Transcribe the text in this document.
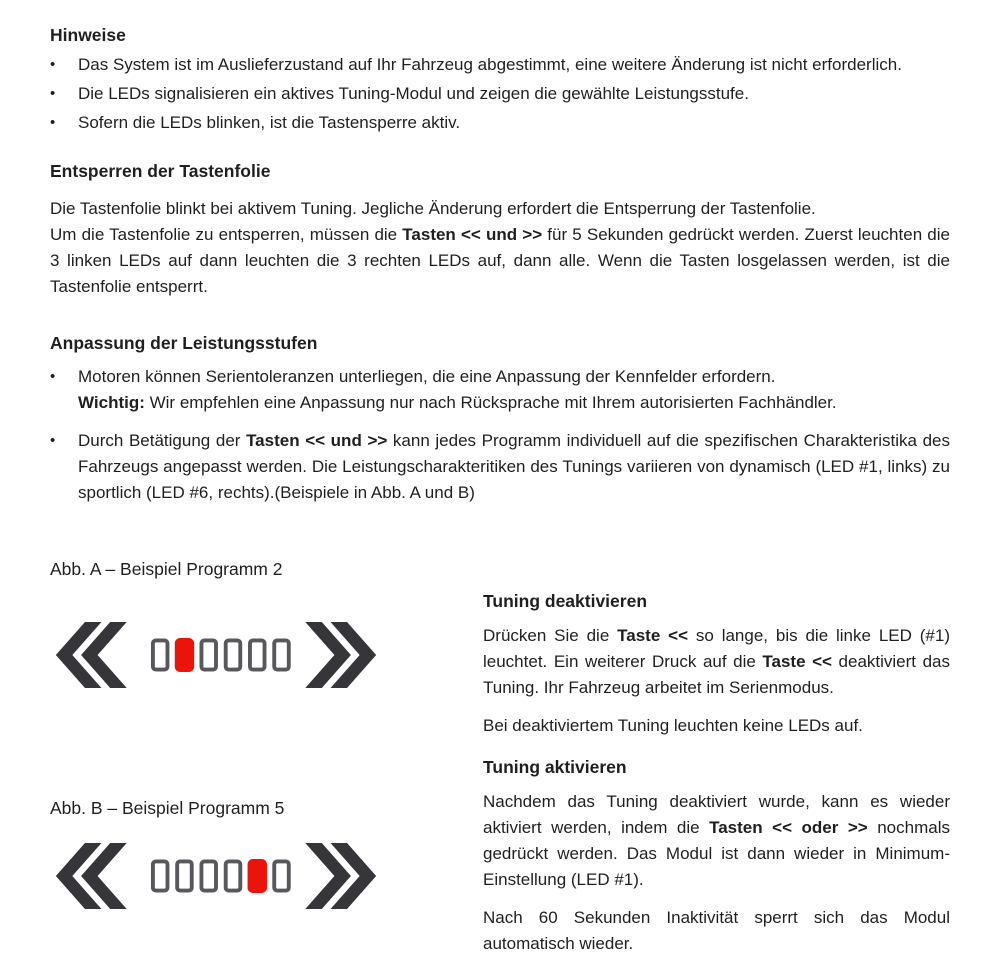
Hinweise

•	Das System ist im Auslieferzustand auf Ihr Fahrzeug abgestimmt, eine weitere Änderung ist nicht erforderlich.
•	Die LEDs signalisieren ein aktives Tuning-Modul und zeigen die gewählte Leistungsstufe.
•	Sofern die LEDs blinken, ist die Tastensperre aktiv.

Entsperren der Tastenfolie

Die Tastenfolie blinkt bei aktivem Tuning. Jegliche Änderung erfordert die Entsperrung der Tastenfolie.

Um die Tastenfolie zu entsperren, müssen die Tasten << und >> für 5 Sekunden gedrückt werden. Zuerst leuchten die 3 linken LEDs auf dann leuchten die 3 rechten LEDs auf, dann alle. Wenn die Tasten losgelassen werden, ist die Tastenfolie entsperrt.

Anpassung der Leistungsstufen

•	Motoren können Serientoleranzen unterliegen, die eine Anpassung der Kennfelder erfordern.
Wichtig: Wir empfehlen eine Anpassung nur nach Rücksprache mit Ihrem autorisierten Fachhändler.
•	Durch Betätigung der Tasten << und >> kann jedes Programm individuell auf die spezifischen Charakteristika des Fahrzeugs angepasst werden. Die Leistungscharakteritiken des Tunings variieren von dynamisch (LED #1, links) zu sportlich (LED #6, rechts).(Beispiele in Abb. A und B)

Abb. A – Beispiel Programm 2

Abb. B – Beispiel Programm 5

Tuning deaktivieren

Drücken Sie die Taste << so lange, bis die linke LED (#1) leuchtet. Ein weiterer Druck auf die Taste << deaktiviert das Tuning. Ihr Fahrzeug arbeitet im Serienmodus.

Bei deaktiviertem Tuning leuchten keine LEDs auf.

Tuning aktivieren

Nachdem das Tuning deaktiviert wurde, kann es wieder aktiviert werden, indem die Tasten << oder >> nochmals gedrückt werden. Das Modul ist dann wieder in Minimum-Einstellung (LED #1).

Nach 60 Sekunden Inaktivität sperrt sich das Modul automatisch wieder.
